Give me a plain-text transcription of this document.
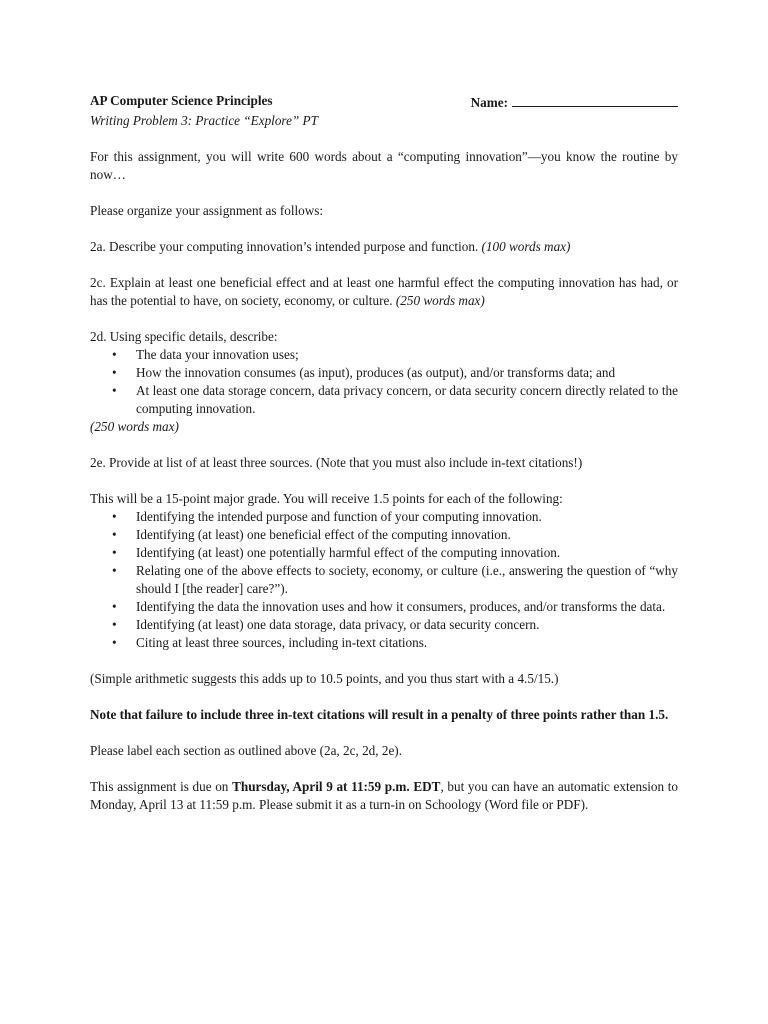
AP Computer Science Principles	Name:

Writing Problem 3: Practice “Explore” PT

For this assignment, you will write 600 words about a “computing innovation”—you know the routine by now…

Please organize your assignment as follows:

2a. Describe your computing innovation’s intended purpose and function. (100 words max)

2c. Explain at least one beneficial effect and at least one harmful effect the computing innovation has had, or has the potential to have, on society, economy, or culture. (250 words max)

2d. Using specific details, describe:

• The data your innovation uses;
• How the innovation consumes (as input), produces (as output), and/or transforms data; and
• At least one data storage concern, data privacy concern, or data security concern directly related to the computing innovation.

(250 words max)

2e. Provide at list of at least three sources. (Note that you must also include in-text citations!)

This will be a 15-point major grade. You will receive 1.5 points for each of the following:

• Identifying the intended purpose and function of your computing innovation.
• Identifying (at least) one beneficial effect of the computing innovation.
• Identifying (at least) one potentially harmful effect of the computing innovation.
• Relating one of the above effects to society, economy, or culture (i.e., answering the question of “why should I [the reader] care?”).
• Identifying the data the innovation uses and how it consumers, produces, and/or transforms the data.
• Identifying (at least) one data storage, data privacy, or data security concern.
• Citing at least three sources, including in-text citations.

(Simple arithmetic suggests this adds up to 10.5 points, and you thus start with a 4.5/15.)

Note that failure to include three in-text citations will result in a penalty of three points rather than 1.5.

Please label each section as outlined above (2a, 2c, 2d, 2e).

This assignment is due on Thursday, April 9 at 11:59 p.m. EDT, but you can have an automatic extension to Monday, April 13 at 11:59 p.m. Please submit it as a turn-in on Schoology (Word file or PDF).
